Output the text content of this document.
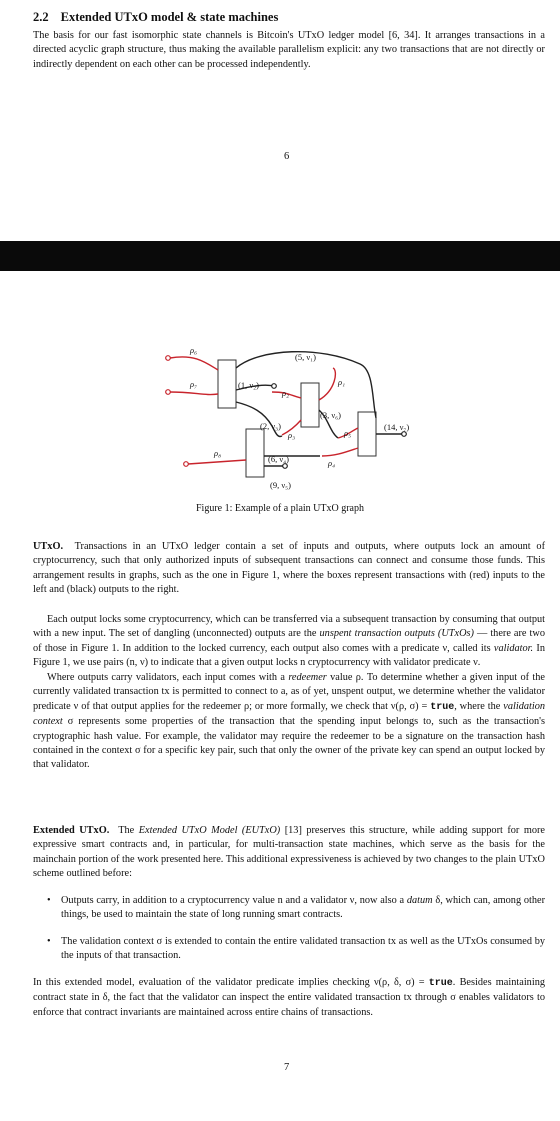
2.2 Extended UTxO model & state machines

The basis for our fast isomorphic state channels is Bitcoin's UTxO ledger model [6, 34]. It arranges transactions in a directed acyclic graph structure, thus making the available parallelism explicit: any two transactions that are not directly or indirectly dependent on each other can be processed independently.

6
ρ₆
ρ₇
ρ₈
ρ₂
ρ₁
ρ₃	ρ₅
ρ₄
(5, ν₁)
(1, ν₂)
(2, ν₃)
(3, ν₆)
(14, ν₇)
(6, ν₄)
(9, ν₅)
Figure 1: Example of a plain UTxO graph

UTxO. Transactions in an UTxO ledger contain a set of inputs and outputs, where outputs lock an amount of cryptocurrency, such that only authorized inputs of subsequent transactions can connect and consume those funds. This arrangement results in graphs, such as the one in Figure 1, where the boxes represent transactions with (red) inputs to the left and (black) outputs to the right.

Each output locks some cryptocurrency, which can be transferred via a subsequent transaction by consuming that output with a new input. The set of dangling (unconnected) outputs are the unspent transaction outputs (UTxOs) — there are two of those in Figure 1. In addition to the locked currency, each output also comes with a predicate ν, called its validator. In Figure 1, we use pairs (n, ν) to indicate that a given output locks n cryptocurrency with validator predicate ν.

Where outputs carry validators, each input comes with a redeemer value ρ. To determine whether a given input of the currently validated transaction tx is permitted to connect to a, as of yet, unspent output, we determine whether the validator predicate ν of that output applies for the redeemer ρ; or more formally, we check that ν(ρ, σ) = true, where the validation context σ represents some properties of the transaction that the spending input belongs to, such as the transaction's cryptographic hash value. For example, the validator may require the redeemer to be a signature on the transaction hash contained in the context σ for a specific key pair, such that only the owner of the private key can spend an output locked by that validator.

Extended UTxO. The Extended UTxO Model (EUTxO) [13] preserves this structure, while adding support for more expressive smart contracts and, in particular, for multi-transaction state machines, which serve as the basis for the mainchain portion of the work presented here. This additional expressiveness is achieved by two changes to the plain UTxO scheme outlined before:

• Outputs carry, in addition to a cryptocurrency value n and a validator ν, now also a datum δ, which can, among other things, be used to maintain the state of long running smart contracts.
• The validation context σ is extended to contain the entire validated transaction tx as well as the UTxOs consumed by the inputs of that transaction.

In this extended model, evaluation of the validator predicate implies checking ν(ρ, δ, σ) = true. Besides maintaining contract state in δ, the fact that the validator can inspect the entire validated transaction tx through σ enables validators to enforce that contract invariants are maintained across entire chains of transactions.

7
